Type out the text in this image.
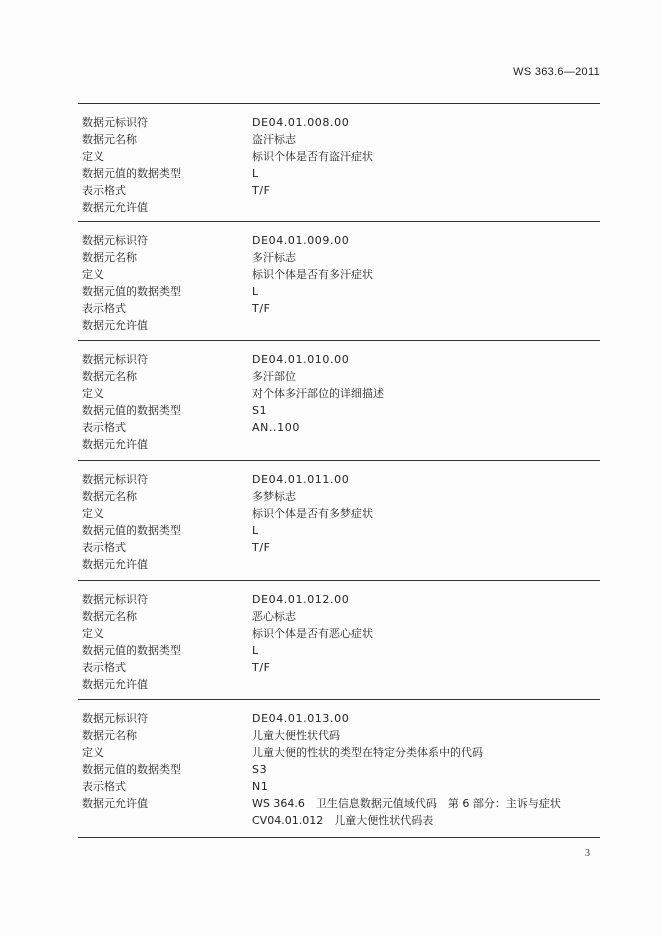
WS 363.6—2011
数据元标识符	DE04.01.008.00
数据元名称	盗汗标志
定义	标识个体是否有盗汗症状
数据元值的数据类型	L
表示格式	T/F
数据元允许值
数据元标识符	DE04.01.009.00
数据元名称	多汗标志
定义	标识个体是否有多汗症状
数据元值的数据类型	L
表示格式	T/F
数据元允许值
数据元标识符	DE04.01.010.00
数据元名称	多汗部位
定义	对个体多汗部位的详细描述
数据元值的数据类型	S1
表示格式	AN..100
数据元允许值
数据元标识符	DE04.01.011.00
数据元名称	多梦标志
定义	标识个体是否有多梦症状
数据元值的数据类型	L
表示格式	T/F
数据元允许值
数据元标识符	DE04.01.012.00
数据元名称	恶心标志
定义	标识个体是否有恶心症状
数据元值的数据类型	L
表示格式	T/F
数据元允许值
数据元标识符	DE04.01.013.00
数据元名称	儿童大便性状代码
定义	儿童大便的性状的类型在特定分类体系中的代码
数据元值的数据类型	S3
表示格式	N1
数据元允许值	WS 364.6　卫生信息数据元值域代码　第 6 部分：主诉与症状
CV04.01.012　儿童大便性状代码表
3
